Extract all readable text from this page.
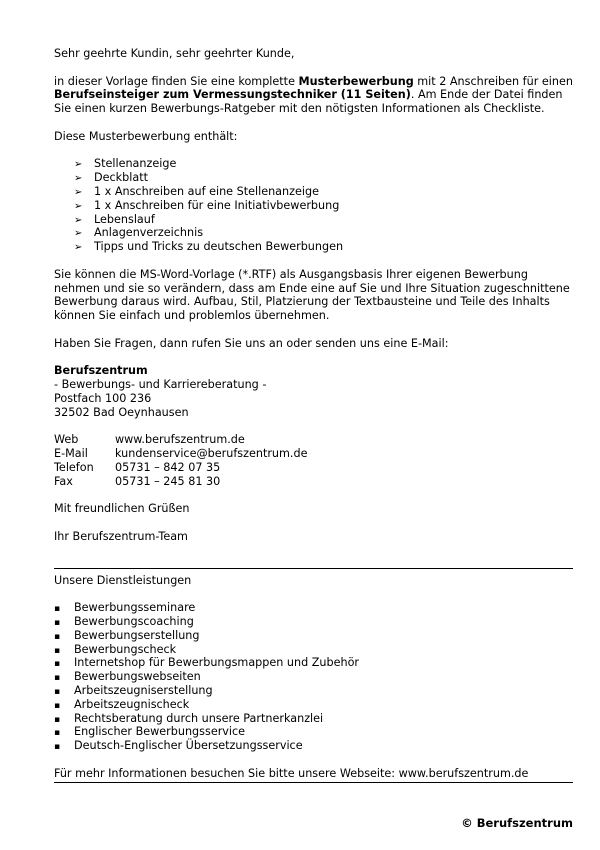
Sehr geehrte Kundin, sehr geehrter Kunde,

in dieser Vorlage finden Sie eine komplette Musterbewerbung mit 2 Anschreiben für einen Berufseinsteiger zum Vermessungstechniker (11 Seiten). Am Ende der Datei finden Sie einen kurzen Bewerbungs-Ratgeber mit den nötigsten Informationen als Checkliste.

Diese Musterbewerbung enthält:

➢	Stellenanzeige
➢	Deckblatt
➢	1 x Anschreiben auf eine Stellenanzeige
➢	1 x Anschreiben für eine Initiativbewerbung
➢	Lebenslauf
➢	Anlagenverzeichnis
➢	Tipps und Tricks zu deutschen Bewerbungen

Sie können die MS-Word-Vorlage (*.RTF) als Ausgangsbasis Ihrer eigenen Bewerbung nehmen und sie so verändern, dass am Ende eine auf Sie und Ihre Situation zugeschnittene Bewerbung daraus wird. Aufbau, Stil, Platzierung der Textbausteine und Teile des Inhalts können Sie einfach und problemlos übernehmen.

Haben Sie Fragen, dann rufen Sie uns an oder senden uns eine E-Mail:

Berufszentrum

- Bewerbungs- und Karriereberatung -

Postfach 100 236

32502 Bad Oeynhausen

Web	www.berufszentrum.de
E-Mail	kundenservice@berufszentrum.de
Telefon	05731 – 842 07 35
Fax	05731 – 245 81 30

Mit freundlichen Grüßen

Ihr Berufszentrum-Team

Unsere Dienstleistungen

▪	Bewerbungsseminare
▪	Bewerbungscoaching
▪	Bewerbungserstellung
▪	Bewerbungscheck
▪	Internetshop für Bewerbungsmappen und Zubehör
▪	Bewerbungswebseiten
▪	Arbeitszeugniserstellung
▪	Arbeitszeugnischeck
▪	Rechtsberatung durch unsere Partnerkanzlei
▪	Englischer Bewerbungsservice
▪	Deutsch-Englischer Übersetzungsservice

Für mehr Informationen besuchen Sie bitte unsere Webseite: www.berufszentrum.de

© Berufszentrum
